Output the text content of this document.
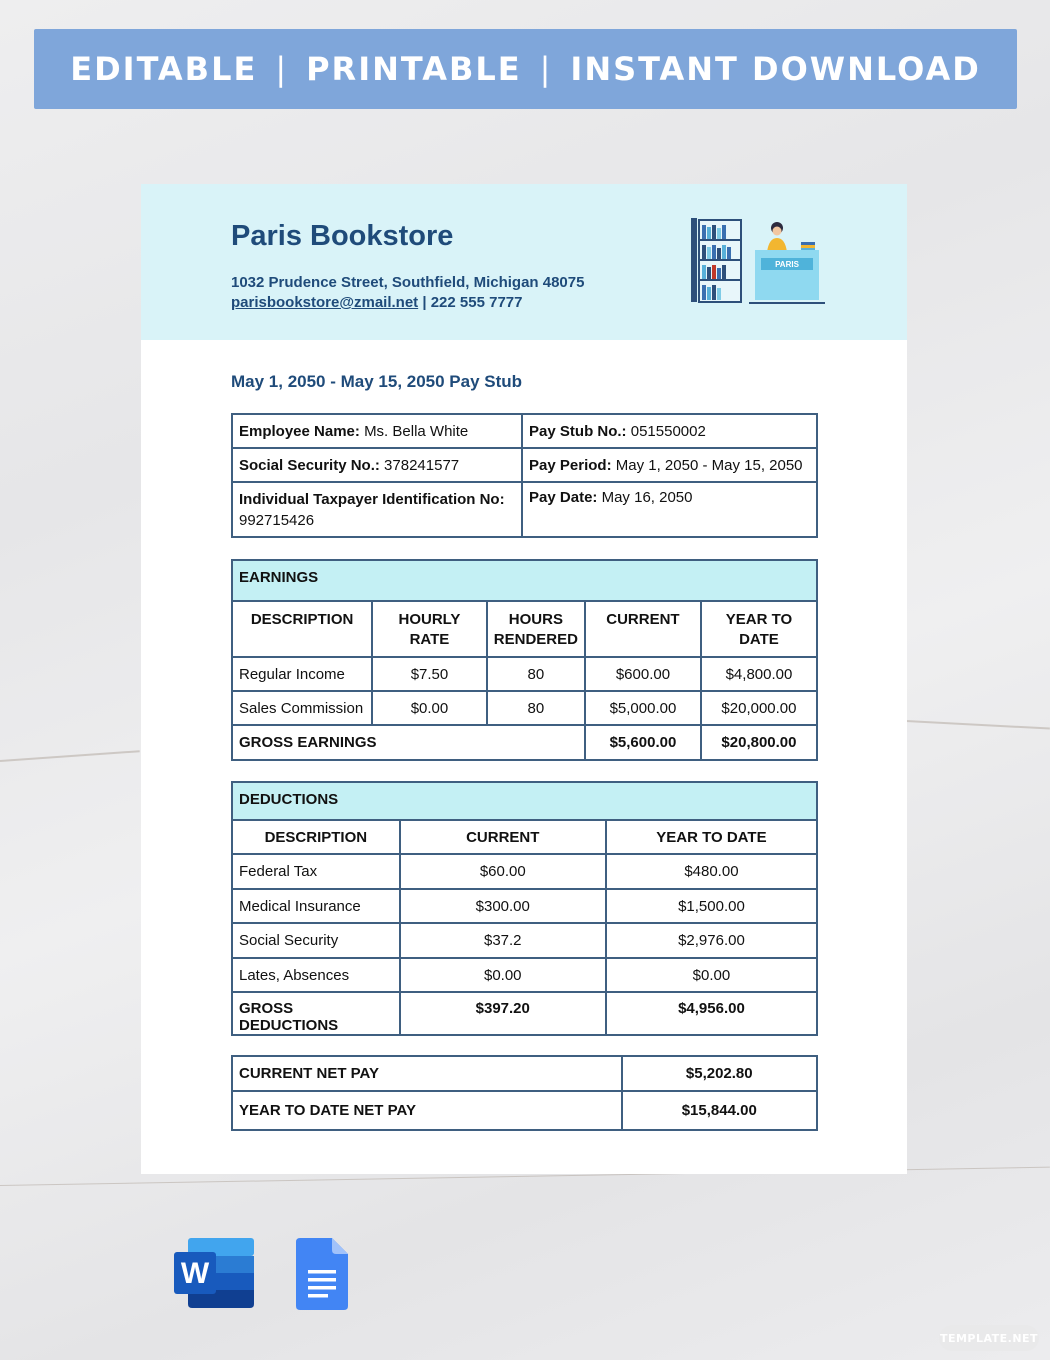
EDITABLE | PRINTABLE | INSTANT DOWNLOAD
Paris Bookstore
1032 Prudence Street, Southfield, Michigan 48075
parisbookstore@zmail.net | 222 555 7777
PARIS
May 1, 2050 - May 15, 2050 Pay Stub
Employee Name: Ms. Bella White	Pay Stub No.: 051550002
Social Security No.: 378241577	Pay Period: May 1, 2050 - May 15, 2050
Individual Taxpayer Identification No:
992715426	Pay Date: May 16, 2050
EARNINGS				
DESCRIPTION	HOURLY RATE	HOURS RENDERED	CURRENT	YEAR TO DATE
Regular Income	$7.50	80	$600.00	$4,800.00
Sales Commission	$0.00	80	$5,000.00	$20,000.00
GROSS EARNINGS			$5,600.00	$20,800.00
DEDUCTIONS		
DESCRIPTION	CURRENT	YEAR TO DATE
Federal Tax	$60.00	$480.00
Medical Insurance	$300.00	$1,500.00
Social Security	$37.2	$2,976.00
Lates, Absences	$0.00	$0.00
GROSS DEDUCTIONS	$397.20	$4,956.00
CURRENT NET PAY	$5,202.80
YEAR TO DATE NET PAY	$15,844.00
W
TEMPLATE.NET
